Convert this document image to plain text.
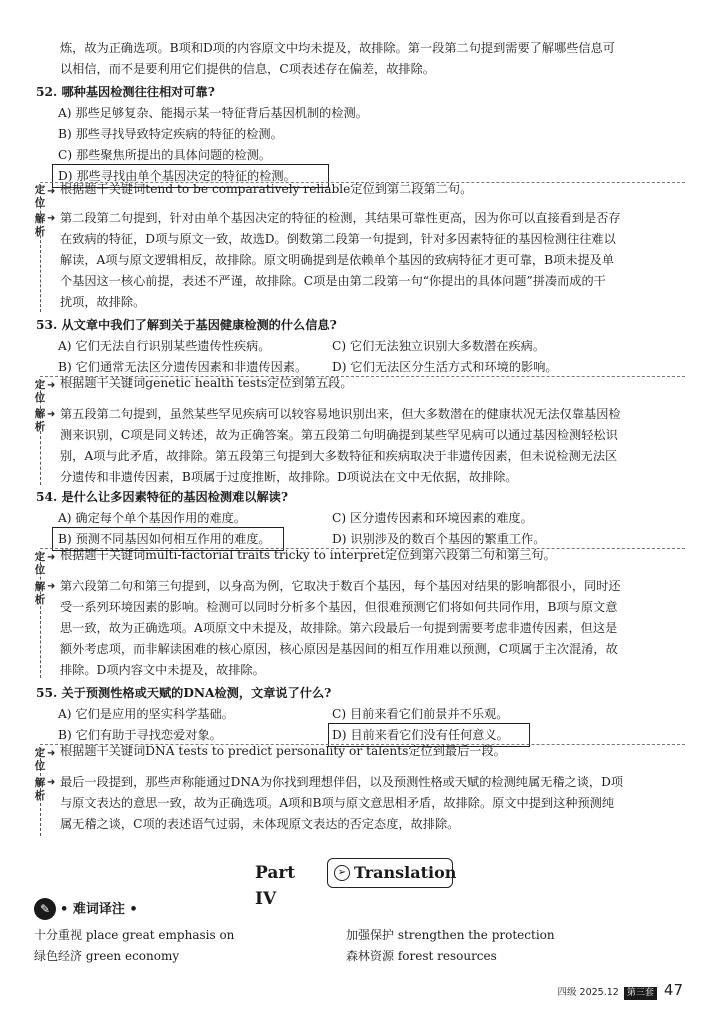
炼，故为正确选项。B项和D项的内容原文中均未提及，故排除。第一段第二句提到需要了解哪些信息可
以相信，而不是要利用它们提供的信息，C项表述存在偏差，故排除。
52. 哪种基因检测往往相对可靠?
A) 那些足够复杂、能揭示某一特征背后基因机制的检测。
B) 那些寻找导致特定疾病的特征的检测。
C) 那些聚焦所提出的具体问题的检测。
D) 那些寻找由单个基因决定的特征的检测。
定位
➜ 根据题干关键词tend to be comparatively reliable定位到第二段第二句。
解析
➜ 第二段第二句提到，针对由单个基因决定的特征的检测，其结果可靠性更高，因为你可以直接看到是否存
在致病的特征，D项与原文一致，故选D。倒数第二段第一句提到，针对多因素特征的基因检测往往难以
解读，A项与原文逻辑相反，故排除。原文明确提到是依赖单个基因的致病特征才更可靠，B项未提及单
个基因这一核心前提，表述不严谨，故排除。C项是由第二段第一句“你提出的具体问题”拼凑而成的干
扰项，故排除。
53. 从文章中我们了解到关于基因健康检测的什么信息?
A) 它们无法自行识别某些遗传性疾病。	C) 它们无法独立识别大多数潜在疾病。
B) 它们通常无法区分遗传因素和非遗传因素。 D) 它们无法区分生活方式和环境的影响。
定位
➜ 根据题干关键词genetic health tests定位到第五段。
解析
➜ 第五段第二句提到，虽然某些罕见疾病可以较容易地识别出来，但大多数潜在的健康状况无法仅靠基因检
测来识别，C项是同义转述，故为正确答案。第五段第二句明确提到某些罕见病可以通过基因检测轻松识
别，A项与此矛盾，故排除。第五段第三句提到大多数特征和疾病取决于非遗传因素，但未说检测无法区
分遗传和非遗传因素，B项属于过度推断，故排除。D项说法在文中无依据，故排除。
54. 是什么让多因素特征的基因检测难以解读?
A) 确定每个单个基因作用的难度。	C) 区分遗传因素和环境因素的难度。
B) 预测不同基因如何相互作用的难度。	D) 识别涉及的数百个基因的繁重工作。
定位
➜ 根据题干关键词multi-factorial traits tricky to interpret定位到第六段第二句和第三句。
解析
➜ 第六段第二句和第三句提到，以身高为例，它取决于数百个基因，每个基因对结果的影响都很小，同时还
受一系列环境因素的影响。检测可以同时分析多个基因，但很难预测它们将如何共同作用，B项与原文意
思一致，故为正确选项。A项原文中未提及，故排除。第六段最后一句提到需要考虑非遗传因素，但这是
额外考虑项，而非解读困难的核心原因，核心原因是基因间的相互作用难以预测，C项属于主次混淆，故
排除。D项内容文中未提及，故排除。
55. 关于预测性格或天赋的DNA检测，文章说了什么?
A) 它们是应用的坚实科学基础。	C) 目前来看它们前景并不乐观。
B) 它们有助于寻找恋爱对象。	D) 目前来看它们没有任何意义。
定位
➜ 根据题干关键词DNA tests to predict personality or talents定位到最后一段。
解析
➜ 最后一段提到，那些声称能通过DNA为你找到理想伴侣，以及预测性格或天赋的检测纯属无稽之谈，D项
与原文表达的意思一致，故为正确选项。A项和B项与原文意思相矛盾，故排除。原文中提到这种预测纯
属无稽之谈，C项的表述语气过弱，未体现原文表达的否定态度，故排除。
Part IV
➢ Translation
✎ • 难词译注 •
十分重视 place great emphasis on	加强保护 strengthen the protection
绿色经济 green economy	森林资源 forest resources
四级 2025.12 第三套 47
